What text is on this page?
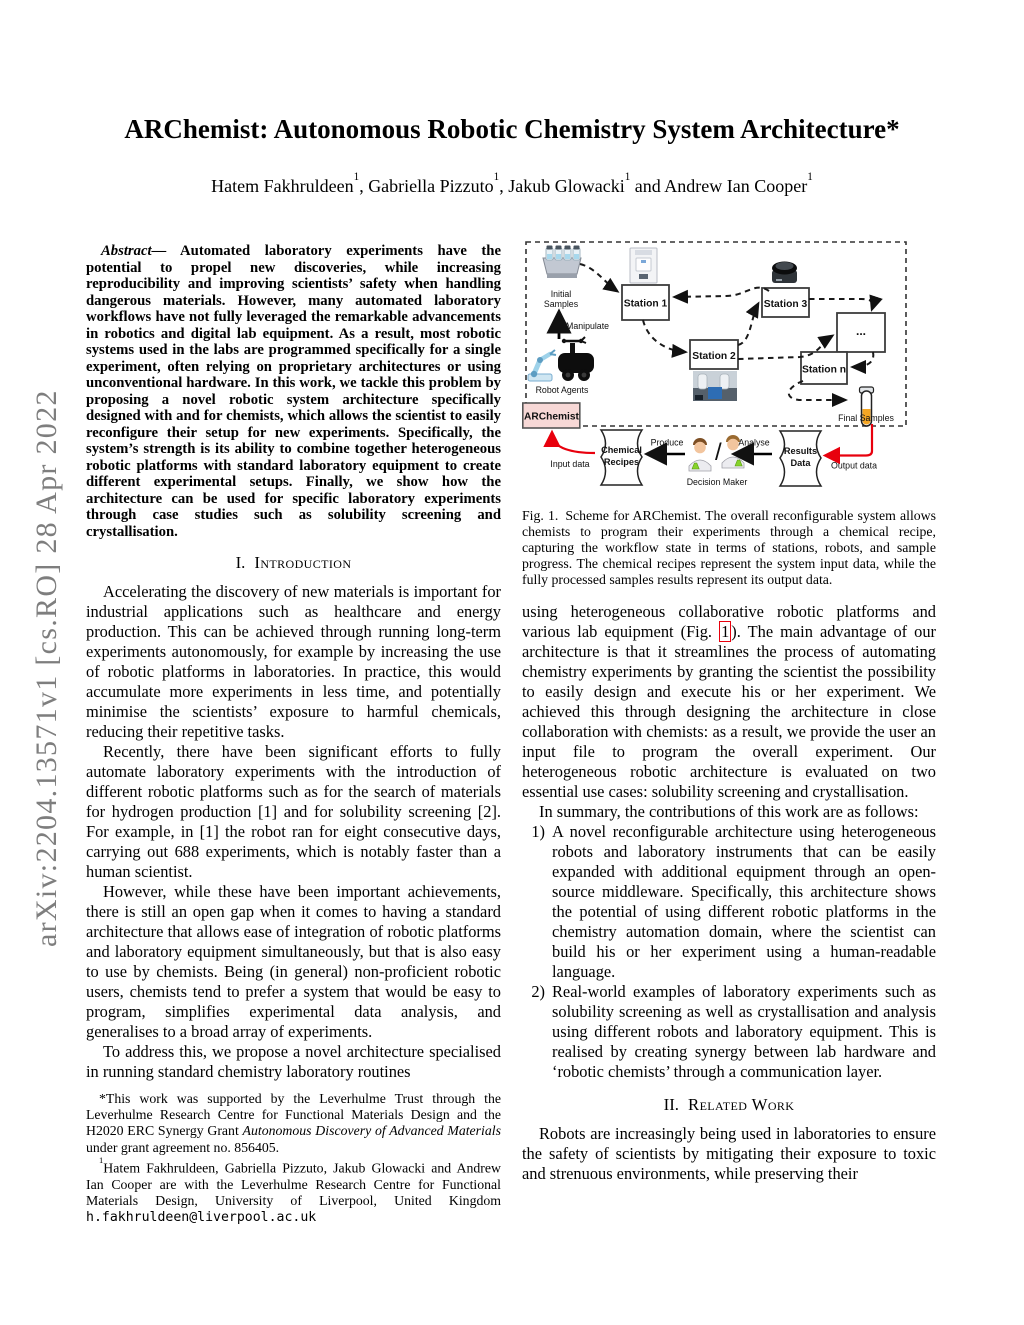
arXiv:2204.13571v1 [cs.RO] 28 Apr 2022
ARChemist: Autonomous Robotic Chemistry System Architecture*
Hatem Fakhruldeen$^1$, Gabriella Pizzuto$^1$, Jakub Glowacki$^1$ and Andrew Ian Cooper$^1$

Abstract— Automated laboratory experiments have the potential to propel new discoveries, while increasing reproducibility and improving scientists’ safety when handling dangerous materials. However, many automated laboratory workflows have not fully leveraged the remarkable advancements in robotics and digital lab equipment. As a result, most robotic systems used in the labs are programmed specifically for a single experiment, often relying on proprietary architectures or using unconventional hardware. In this work, we tackle this problem by proposing a novel robotic system architecture specifically designed with and for chemists, which allows the scientist to easily reconfigure their setup for new experiments. Specifically, the system’s strength is its ability to combine together heterogeneous robotic platforms with standard laboratory equipment to create different experimental setups. Finally, we show how the architecture can be used for specific laboratory experiments through case studies such as solubility screening and crystallisation.

I. Introduction

Accelerating the discovery of new materials is important for industrial applications such as healthcare and energy production. This can be achieved through running long-term experiments autonomously, for example by increasing the use of robotic platforms in laboratories. In practice, this would accumulate more experiments in less time, and potentially minimise the scientists’ exposure to harmful chemicals, reducing their repetitive tasks.

Recently, there have been significant efforts to fully automate laboratory experiments with the introduction of different robotic platforms such as for the search of materials for hydrogen production [1] and for solubility screening [2]. For example, in [1] the robot ran for eight consecutive days, carrying out 688 experiments, which is notably faster than a human scientist.

However, while these have been important achievements, there is still an open gap when it comes to having a standard architecture that allows ease of integration of robotic platforms and laboratory equipment simultaneously, but that is also easy to use by chemists. Being (in general) non-proficient robotic users, chemists tend to prefer a system that would be easy to program, simplifies experimental data analysis, and generalises to a broad array of experiments.

To address this, we propose a novel architecture specialised in running standard chemistry laboratory routines

*This work was supported by the Leverhulme Trust through the Leverhulme Research Centre for Functional Materials Design and the H2020 ERC Synergy Grant Autonomous Discovery of Advanced Materials under grant agreement no. 856405.

$^1$Hatem Fakhruldeen, Gabriella Pizzuto, Jakub Glowacki and Andrew Ian Cooper are with the Leverhulme Research Centre for Functional Materials Design, University of Liverpool, United Kingdom h.fakhruldeen@liverpool.ac.uk

Initial
Samples
Manipulate
Robot Agents
ARChemist
Station 1
Station 2
Station 3
...
Station n
Final Samples
Chemical
Recipes
Produce /
Decision Maker
Analyse
Results
Data
Input data	Output data

Fig. 1. Scheme for ARChemist. The overall reconfigurable system allows chemists to program their experiments through a chemical recipe, capturing the workflow state in terms of stations, robots, and sample progress. The chemical recipes represent the system input data, while the fully processed samples results represent its output data.

using heterogeneous collaborative robotic platforms and various lab equipment (Fig. 1 ). The main advantage of our architecture is that it streamlines the process of automating chemistry experiments by granting the scientist the possibility to easily design and execute his or her experiment. We achieved this through designing the architecture in close collaboration with chemists: as a result, we provide the user an input file to program the overall experiment. Our heterogeneous robotic architecture is evaluated on two essential use cases: solubility screening and crystallisation.

In summary, the contributions of this work are as follows:

1) A novel reconfigurable architecture using heterogeneous robots and laboratory instruments that can be easily expanded with additional equipment through an open-source middleware. Specifically, this architecture shows the potential of using different robotic platforms in the chemistry automation domain, where the scientist can build his or her experiment using a human-readable language.
2) Real-world examples of laboratory experiments such as solubility screening as well as crystallisation and analysis using different robots and laboratory equipment. This is realised by creating synergy between lab hardware and ‘robotic chemists’ through a communication layer.
II. Related Work

Robots are increasingly being used in laboratories to ensure the safety of scientists by mitigating their exposure to toxic and strenuous environments, while preserving their
